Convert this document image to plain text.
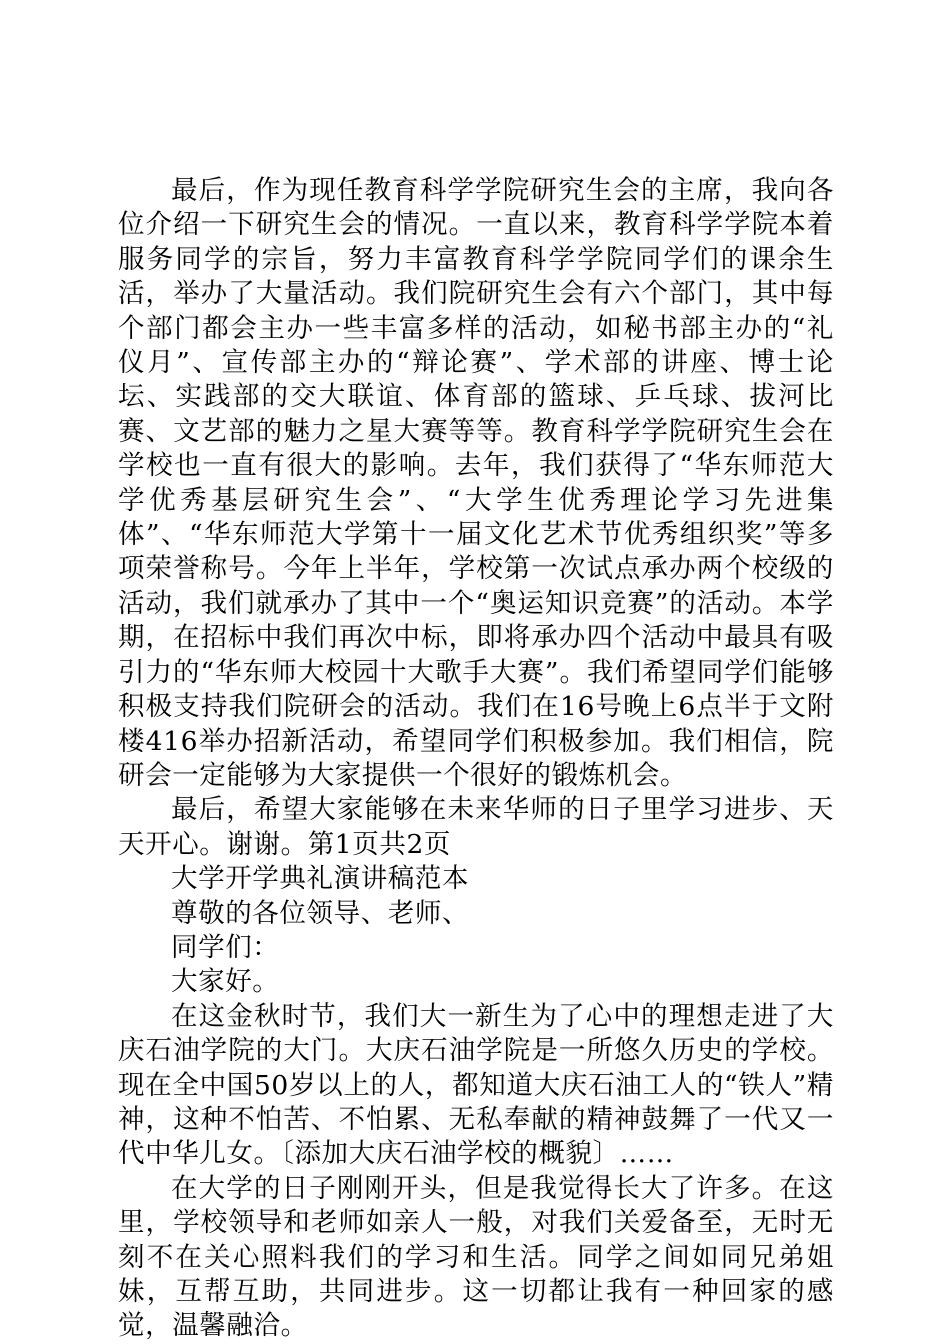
最后，作为现任教育科学学院研究生会的主席，我向各位介绍一下研究生会的情况。一直以来，教育科学学院本着服务同学的宗旨，努力丰富教育科学学院同学们的课余生活，举办了大量活动。我们院研究生会有六个部门，其中每个部门都会主办一些丰富多样的活动，如秘书部主办的“礼仪月”、宣传部主办的“辩论赛”、学术部的讲座、博士论坛、实践部的交大联谊、体育部的篮球、乒乓球、拔河比赛、文艺部的魅力之星大赛等等。教育科学学院研究生会在学校也一直有很大的影响。去年，我们获得了“华东师范大学优秀基层研究生会”、“大学生优秀理论学习先进集体”、“华东师范大学第十一届文化艺术节优秀组织奖”等多项荣誉称号。今年上半年，学校第一次试点承办两个校级的活动，我们就承办了其中一个“奥运知识竞赛”的活动。本学期，在招标中我们再次中标，即将承办四个活动中最具有吸引力的“华东师大校园十大歌手大赛”。我们希望同学们能够积极支持我们院研会的活动。我们在16号晚上6点半于文附楼416举办招新活动，希望同学们积极参加。我们相信，院研会一定能够为大家提供一个很好的锻炼机会。

最后，希望大家能够在未来华师的日子里学习进步、天天开心。谢谢。第1页共2页

大学开学典礼演讲稿范本

尊敬的各位领导、老师、

同学们：

大家好。

在这金秋时节，我们大一新生为了心中的理想走进了大庆石油学院的大门。大庆石油学院是一所悠久历史的学校。现在全中国50岁以上的人，都知道大庆石油工人的“铁人”精神，这种不怕苦、不怕累、无私奉献的精神鼓舞了一代又一代中华儿女。〔添加大庆石油学校的概貌〕……

在大学的日子刚刚开头，但是我觉得长大了许多。在这里，学校领导和老师如亲人一般，对我们关爱备至，无时无刻不在关心照料我们的学习和生活。同学之间如同兄弟姐妹，互帮互助，共同进步。这一切都让我有一种回家的感觉，温馨融洽。
